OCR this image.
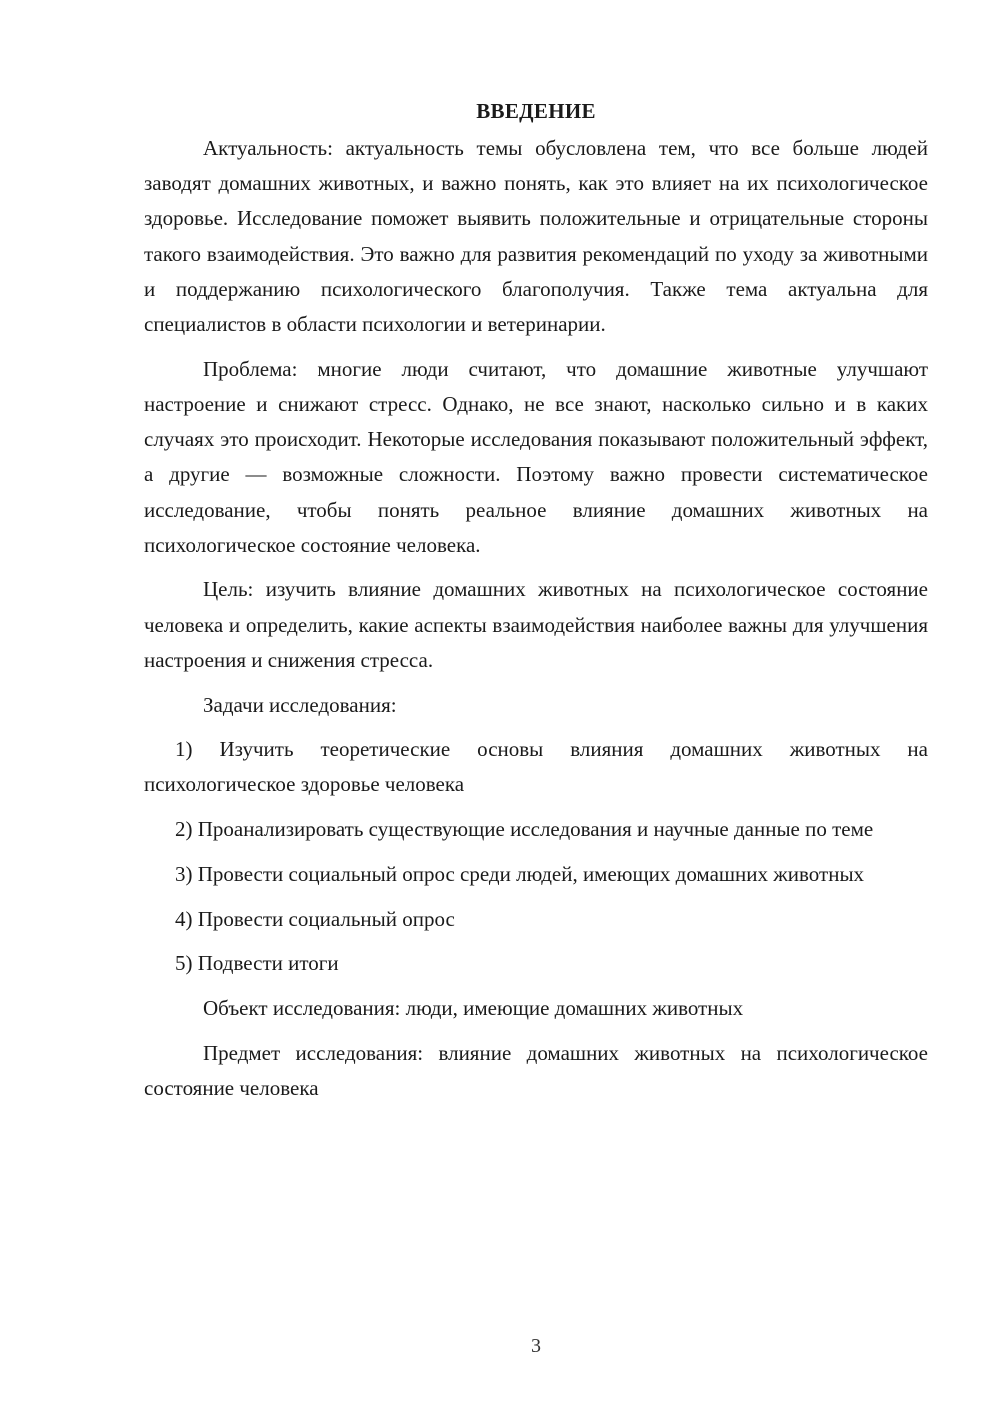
ВВЕДЕНИЕ

Актуальность: актуальность темы обусловлена тем, что все больше людей заводят домашних животных, и важно понять, как это влияет на их психологическое здоровье. Исследование поможет выявить положительные и отрицательные стороны такого взаимодействия. Это важно для развития рекомендаций по уходу за животными и поддержанию психологического благополучия. Также тема актуальна для специалистов в области психологии и ветеринарии.

Проблема: многие люди считают, что домашние животные улучшают настроение и снижают стресс. Однако, не все знают, насколько сильно и в каких случаях это происходит. Некоторые исследования показывают положительный эффект, а другие — возможные сложности. Поэтому важно провести систематическое исследование, чтобы понять реальное влияние домашних животных на психологическое состояние человека.

Цель: изучить влияние домашних животных на психологическое состояние человека и определить, какие аспекты взаимодействия наиболее важны для улучшения настроения и снижения стресса.

Задачи исследования:

1) Изучить теоретические основы влияния домашних животных на психологическое здоровье человека

2) Проанализировать существующие исследования и научные данные по теме

3) Провести социальный опрос среди людей, имеющих домашних животных

4) Провести социальный опрос

5) Подвести итоги

Объект исследования: люди, имеющие домашних животных

Предмет исследования: влияние домашних животных на психологическое состояние человека

3
